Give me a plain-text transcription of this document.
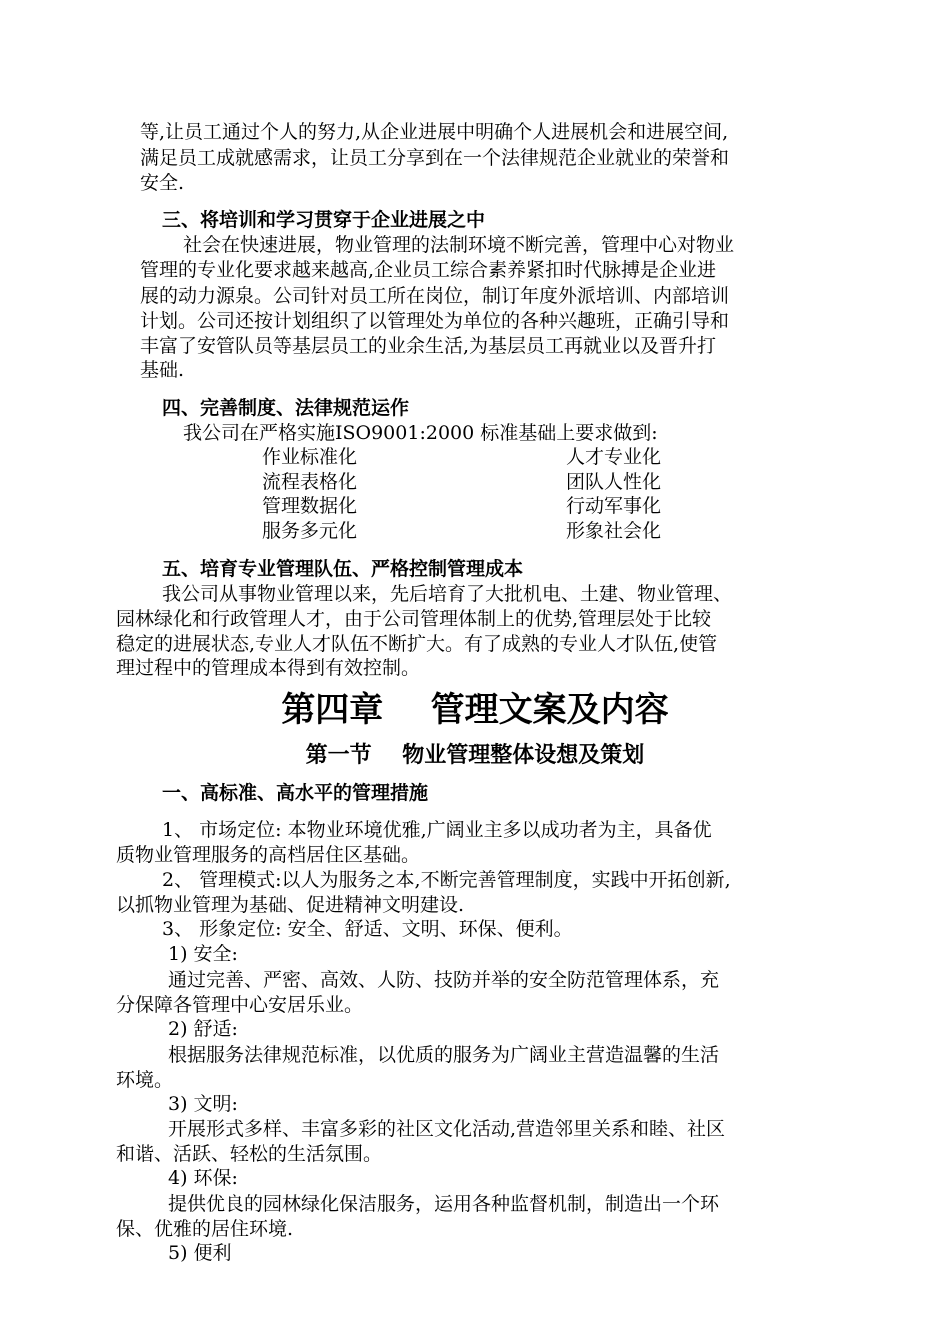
等,让员工通过个人的努力,从企业进展中明确个人进展机会和进展空间,
满足员工成就感需求，让员工分享到在一个法律规范企业就业的荣誉和
安全.
三、将培训和学习贯穿于企业进展之中
社会在快速进展，物业管理的法制环境不断完善，管理中心对物业
管理的专业化要求越来越高,企业员工综合素养紧扣时代脉搏是企业进
展的动力源泉。公司针对员工所在岗位，制订年度外派培训、内部培训
计划。公司还按计划组织了以管理处为单位的各种兴趣班，正确引导和
丰富了安管队员等基层员工的业余生活,为基层员工再就业以及晋升打
基础.
四、完善制度、法律规范运作
我公司在严格实施ISO9001:2000 标准基础上要求做到:
作业标准化	人才专业化
流程表格化	团队人性化
管理数据化	行动军事化
服务多元化	形象社会化
五、培育专业管理队伍、严格控制管理成本
我公司从事物业管理以来，先后培育了大批机电、土建、物业管理、
园林绿化和行政管理人才，由于公司管理体制上的优势,管理层处于比较
稳定的进展状态,专业人才队伍不断扩大。有了成熟的专业人才队伍,使管
理过程中的管理成本得到有效控制。
第四章    管理文案及内容
第一节    物业管理整体设想及策划
一、高标准、高水平的管理措施
1、 市场定位: 本物业环境优雅,广阔业主多以成功者为主，具备优
质物业管理服务的高档居住区基础。
2、 管理模式:以人为服务之本,不断完善管理制度，实践中开拓创新,
以抓物业管理为基础、促进精神文明建设.
3、 形象定位: 安全、舒适、文明、环保、便利。
1) 安全:
通过完善、严密、高效、人防、技防并举的安全防范管理体系，充
分保障各管理中心安居乐业。
2) 舒适:
根据服务法律规范标准，以优质的服务为广阔业主营造温馨的生活
环境。
3) 文明:
开展形式多样、丰富多彩的社区文化活动,营造邻里关系和睦、社区
和谐、活跃、轻松的生活氛围。
4) 环保:
提供优良的园林绿化保洁服务，运用各种监督机制，制造出一个环
保、优雅的居住环境.
5) 便利
